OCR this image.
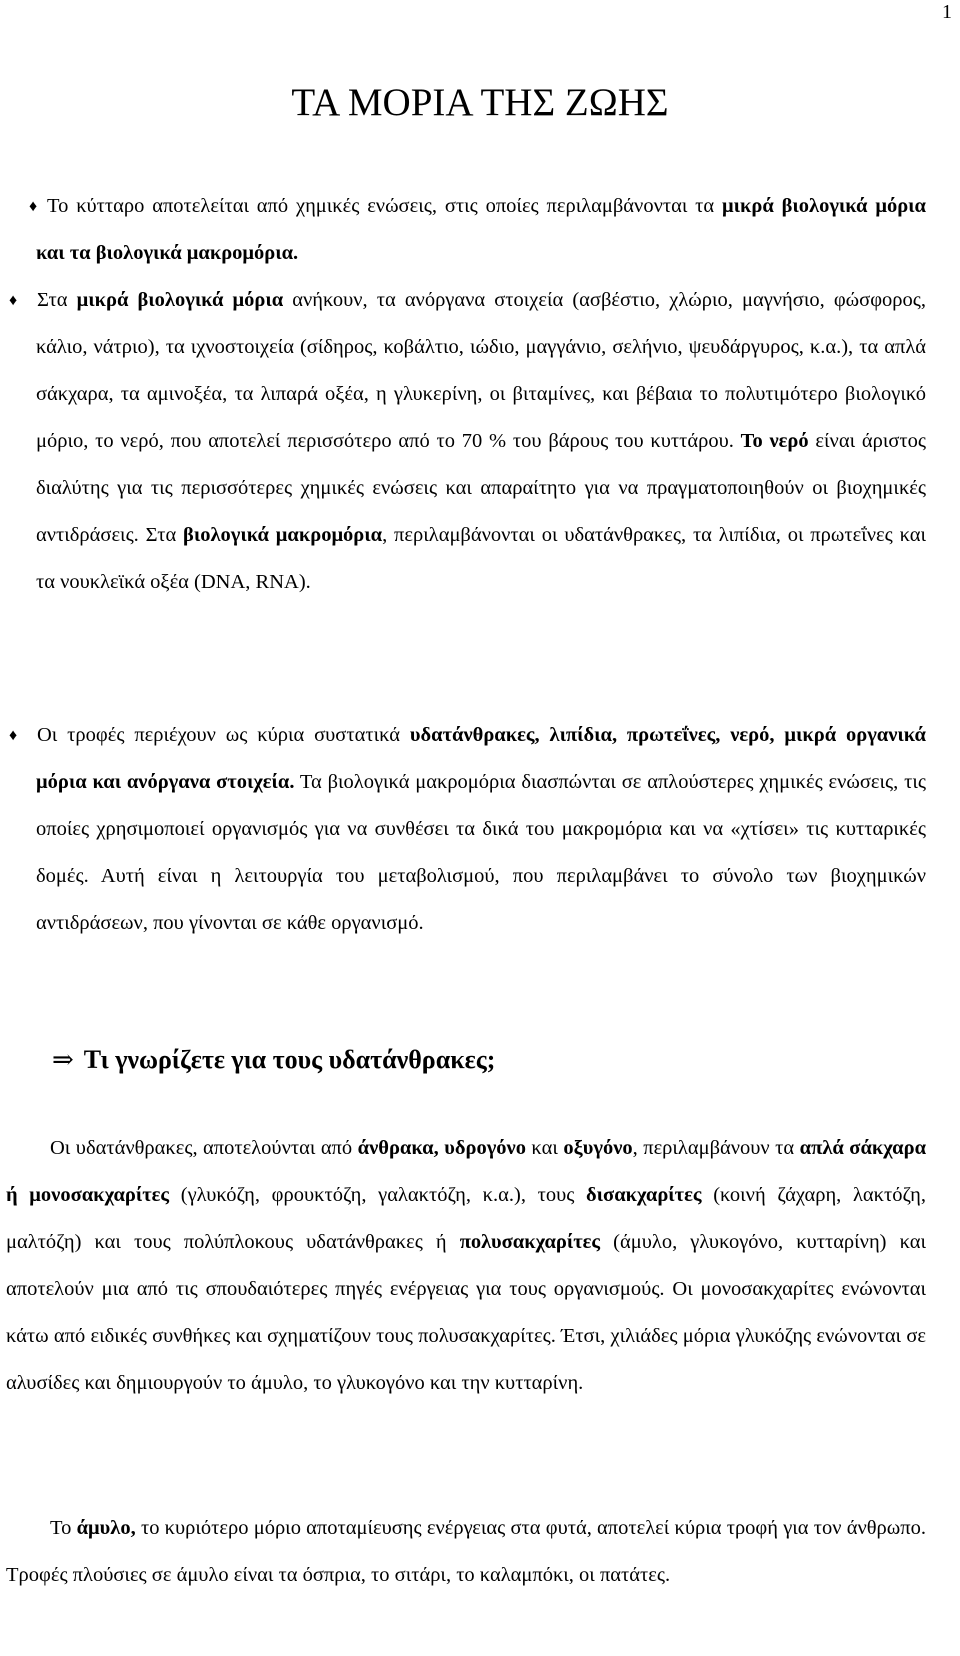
1
ΤΑ ΜΟΡΙΑ ΤΗΣ ΖΩΗΣ

♦ Το κύτταρο αποτελείται από χημικές ενώσεις, στις οποίες περιλαμβάνονται τα μικρά βιολογικά μόρια και τα βιολογικά μακρομόρια.

♦ Στα μικρά βιολογικά μόρια ανήκουν, τα ανόργανα στοιχεία (ασβέστιο, χλώριο, μαγνήσιο, φώσφορος, κάλιο, νάτριο), τα ιχνοστοιχεία (σίδηρος, κοβάλτιο, ιώδιο, μαγγάνιο, σελήνιο, ψευδάργυρος, κ.α.), τα απλά σάκχαρα, τα αμινοξέα, τα λιπαρά οξέα, η γλυκερίνη, οι βιταμίνες, και βέβαια το πολυτιμότερο βιολογικό μόριο, το νερό, που αποτελεί περισσότερο από το 70 % του βάρους του κυττάρου. Το νερό είναι άριστος διαλύτης για τις περισσότερες χημικές ενώσεις και απαραίτητο για να πραγματοποιηθούν οι βιοχημικές αντιδράσεις. Στα βιολογικά μακρομόρια, περιλαμβάνονται οι υδατάνθρακες, τα λιπίδια, οι πρωτεΐνες και τα νουκλεϊκά οξέα (DNA, RNA).

♦ Οι τροφές περιέχουν ως κύρια συστατικά υδατάνθρακες, λιπίδια, πρωτεΐνες, νερό, μικρά οργανικά μόρια και ανόργανα στοιχεία. Τα βιολογικά μακρομόρια διασπώνται σε απλούστερες χημικές ενώσεις, τις οποίες χρησιμοποιεί οργανισμός για να συνθέσει τα δικά του μακρομόρια και να «χτίσει» τις κυτταρικές δομές. Αυτή είναι η λειτουργία του μεταβολισμού, που περιλαμβάνει το σύνολο των βιοχημικών αντιδράσεων, που γίνονται σε κάθε οργανισμό.

⇒ Τι γνωρίζετε για τους υδατάνθρακες;

Οι υδατάνθρακες, αποτελούνται από άνθρακα, υδρογόνο και οξυγόνο, περιλαμβάνουν τα απλά σάκχαρα ή μονοσακχαρίτες (γλυκόζη, φρουκτόζη, γαλακτόζη, κ.α.), τους δισακχαρίτες (κοινή ζάχαρη, λακτόζη, μαλτόζη) και τους πολύπλοκους υδατάνθρακες ή πολυσακχαρίτες (άμυλο, γλυκογόνο, κυτταρίνη) και αποτελούν μια από τις σπουδαιότερες πηγές ενέργειας για τους οργανισμούς. Οι μονοσακχαρίτες ενώνονται κάτω από ειδικές συνθήκες και σχηματίζουν τους πολυσακχαρίτες. Έτσι, χιλιάδες μόρια γλυκόζης ενώνονται σε αλυσίδες και δημιουργούν το άμυλο, το γλυκογόνο και την κυτταρίνη.

Το άμυλο, το κυριότερο μόριο αποταμίευσης ενέργειας στα φυτά, αποτελεί κύρια τροφή για τον άνθρωπο. Τροφές πλούσιες σε άμυλο είναι τα όσπρια, το σιτάρι, το καλαμπόκι, οι πατάτες.
